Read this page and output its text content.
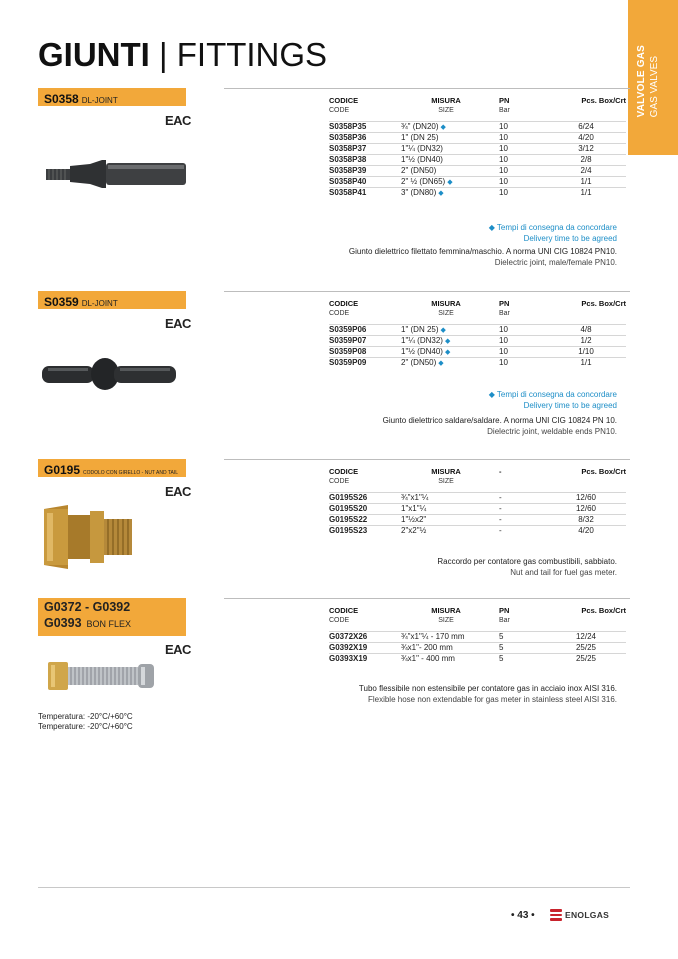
VALVOLE GAS GAS VALVES
GIUNTI | FITTINGS
S0358 DL-JOINT
EAC
CODICE	MISURA	PN	Pcs. Box/Crt
CODE	SIZE	Bar	

S0358P35	¾" (DN20) ◆	10	6/24
S0358P36	1" (DN 25)	10	4/20
S0358P37	1"¼ (DN32)	10	3/12
S0358P38	1"½ (DN40)	10	2/8
S0358P39	2" (DN50)	10	2/4
S0358P40	2" ½ (DN65) ◆	10	1/1
S0358P41	3" (DN80) ◆	10	1/1
◆ Tempi di consegna da concordare
Delivery time to be agreed
Giunto dielettrico filettato femmina/maschio. A norma UNI CIG 10824 PN10.
Dielectric joint, male/female PN10.
S0359 DL-JOINT
EAC
CODICE	MISURA	PN	Pcs. Box/Crt
CODE	SIZE	Bar	

S0359P06	1" (DN 25) ◆	10	4/8
S0359P07	1"¼ (DN32) ◆	10	1/2
S0359P08	1"½ (DN40) ◆	10	1/10
S0359P09	2" (DN50) ◆	10	1/1
◆ Tempi di consegna da concordare
Delivery time to be agreed
Giunto dielettrico saldare/saldare. A norma UNI CIG 10824 PN 10.
Dielectric joint, weldable ends PN10.
G0195 CODOLO CON GIRELLO - NUT AND TAIL
EAC
CODICE	MISURA	-	Pcs. Box/Crt
CODE	SIZE		

G0195S26	¾"x1"¼	-	12/60
G0195S20	1"x1"¼	-	12/60
G0195S22	1"½x2"	-	8/32
G0195S23	2"x2"½	-	4/20
Raccordo per contatore gas combustibili, sabbiato.
Nut and tail for fuel gas meter.
G0372 - G0392
G0393 BON FLEX
EAC
CODICE	MISURA	PN	Pcs. Box/Crt
CODE	SIZE	Bar	

G0372X26	¾"x1"¼ - 170 mm	5	12/24
G0392X19	¾x1"- 200 mm	5	25/25
G0393X19	¾x1" - 400 mm	5	25/25
Tubo flessibile non estensibile per contatore gas in acciaio inox AISI 316.
Flexible hose non extendable for gas meter in stainless steel AISI 316.
Temperatura: -20°C/+60°C
Temperature: -20°C/+60°C
• 43 •	ENOLGAS
